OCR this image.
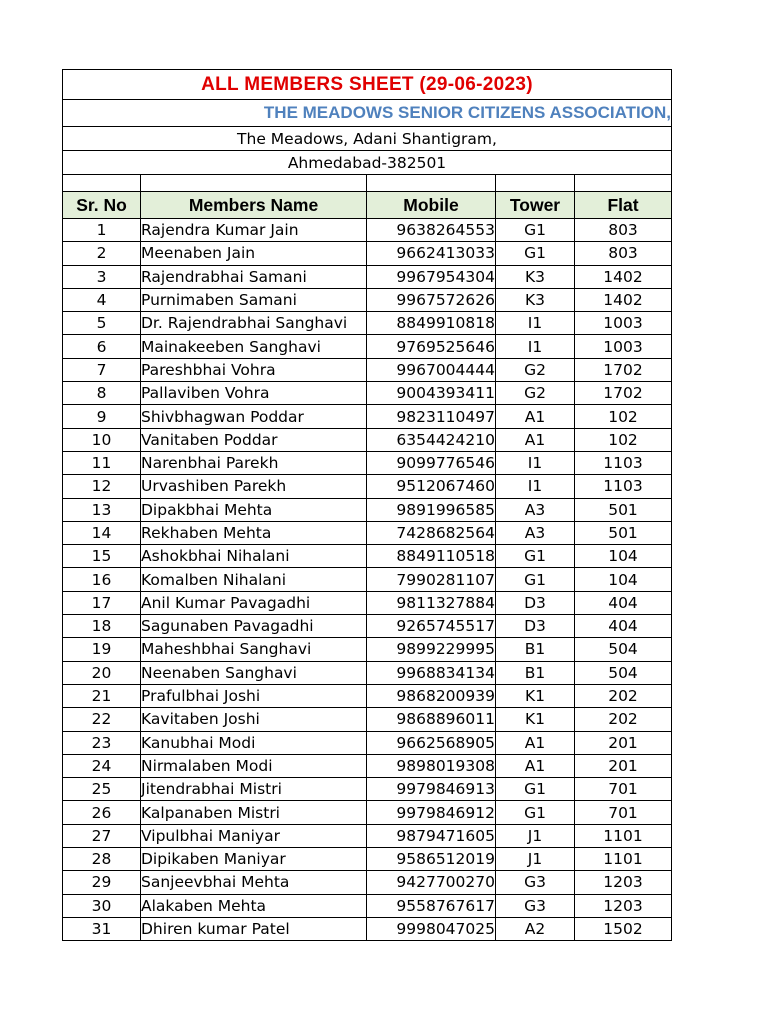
ALL MEMBERS SHEET (29-06-2023)				
THE MEADOWS SENIOR CITIZENS ASSOCIATION,				
The Meadows, Adani Shantigram,				
Ahmedabad-382501				

Sr. No	Members Name	Mobile	Tower	Flat
1	Rajendra Kumar Jain	9638264553	G1	803
2	Meenaben Jain	9662413033	G1	803
3	Rajendrabhai Samani	9967954304	K3	1402
4	Purnimaben Samani	9967572626	K3	1402
5	Dr. Rajendrabhai Sanghavi	8849910818	I1	1003
6	Mainakeeben Sanghavi	9769525646	I1	1003
7	Pareshbhai Vohra	9967004444	G2	1702
8	Pallaviben Vohra	9004393411	G2	1702
9	Shivbhagwan Poddar	9823110497	A1	102
10	Vanitaben Poddar	6354424210	A1	102
11	Narenbhai Parekh	9099776546	I1	1103
12	Urvashiben Parekh	9512067460	I1	1103
13	Dipakbhai Mehta	9891996585	A3	501
14	Rekhaben Mehta	7428682564	A3	501
15	Ashokbhai Nihalani	8849110518	G1	104
16	Komalben Nihalani	7990281107	G1	104
17	Anil Kumar Pavagadhi	9811327884	D3	404
18	Sagunaben Pavagadhi	9265745517	D3	404
19	Maheshbhai Sanghavi	9899229995	B1	504
20	Neenaben Sanghavi	9968834134	B1	504
21	Prafulbhai Joshi	9868200939	K1	202
22	Kavitaben Joshi	9868896011	K1	202
23	Kanubhai Modi	9662568905	A1	201
24	Nirmalaben Modi	9898019308	A1	201
25	Jitendrabhai Mistri	9979846913	G1	701
26	Kalpanaben Mistri	9979846912	G1	701
27	Vipulbhai Maniyar	9879471605	J1	1101
28	Dipikaben Maniyar	9586512019	J1	1101
29	Sanjeevbhai Mehta	9427700270	G3	1203
30	Alakaben Mehta	9558767617	G3	1203
31	Dhiren kumar Patel	9998047025	A2	1502
